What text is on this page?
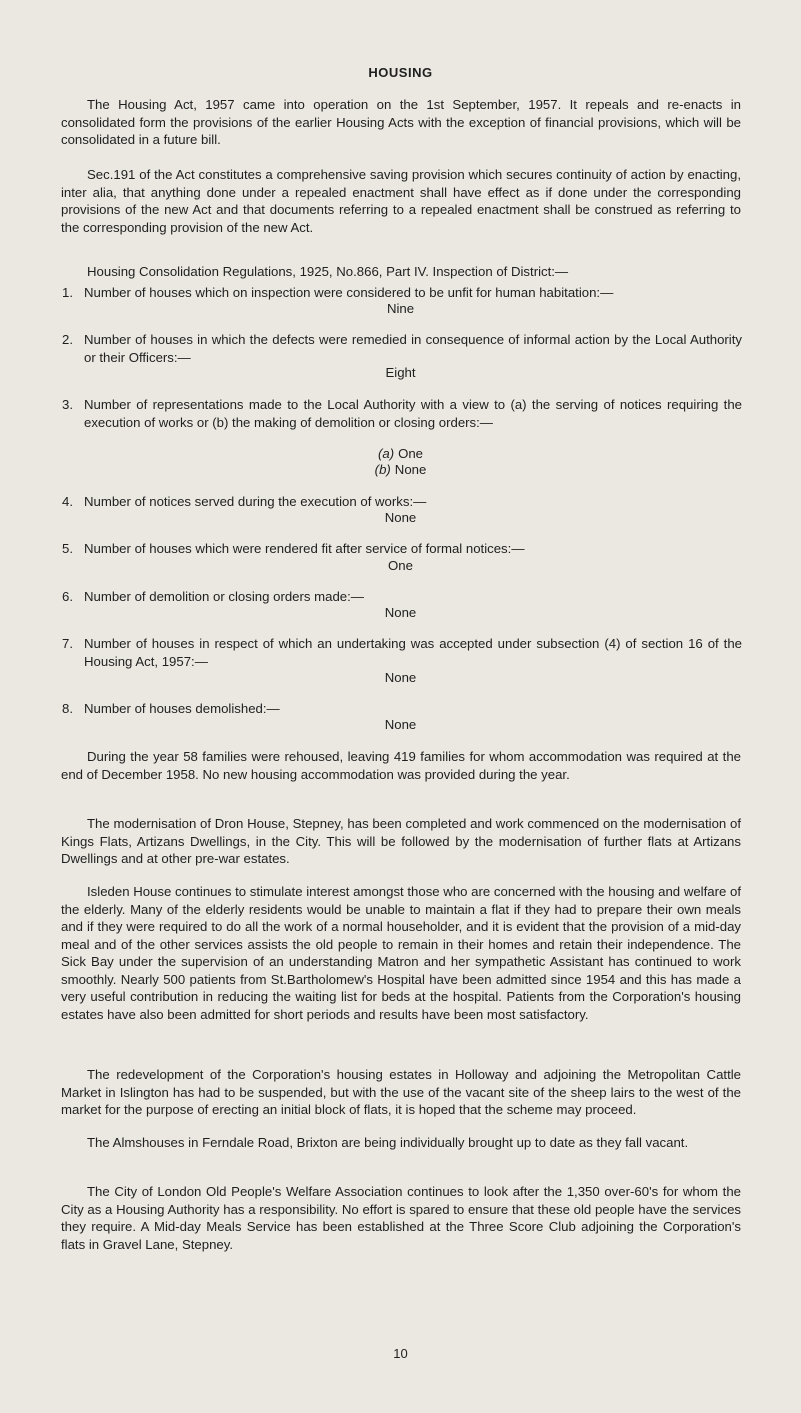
HOUSING

The Housing Act, 1957 came into operation on the 1st September, 1957. It repeals and re-enacts in consolidated form the provisions of the earlier Housing Acts with the exception of financial provisions, which will be consolidated in a future bill.

Sec.191 of the Act constitutes a comprehensive saving provision which secures continuity of action by enacting, inter alia, that anything done under a repealed enactment shall have effect as if done under the corresponding provisions of the new Act and that documents referring to a repealed enactment shall be construed as referring to the corresponding provision of the new Act.

Housing Consolidation Regulations, 1925, No.866, Part IV. Inspection of District:—

1. Number of houses which on inspection were considered to be unfit for human habitation:—
Nine
2. Number of houses in which the defects were remedied in consequence of informal action by the Local Authority or their Officers:—
Eight
3. Number of representations made to the Local Authority with a view to (a) the serving of notices requiring the execution of works or (b) the making of demolition or closing orders:—
(a) One
(b) None
4. Number of notices served during the execution of works:—
None
5. Number of houses which were rendered fit after service of formal notices:—
One
6. Number of demolition or closing orders made:—
None
7. Number of houses in respect of which an undertaking was accepted under subsection (4) of section 16 of the Housing Act, 1957:—
None
8. Number of houses demolished:—
None

During the year 58 families were rehoused, leaving 419 families for whom accommodation was required at the end of December 1958. No new housing accommodation was provided during the year.

The modernisation of Dron House, Stepney, has been completed and work commenced on the modernisation of Kings Flats, Artizans Dwellings, in the City. This will be followed by the modernisation of further flats at Artizans Dwellings and at other pre-war estates.

Isleden House continues to stimulate interest amongst those who are concerned with the housing and welfare of the elderly. Many of the elderly residents would be unable to maintain a flat if they had to prepare their own meals and if they were required to do all the work of a normal householder, and it is evident that the provision of a mid-day meal and of the other services assists the old people to remain in their homes and retain their independence. The Sick Bay under the supervision of an understanding Matron and her sympathetic Assistant has continued to work smoothly. Nearly 500 patients from St.Bartholomew's Hospital have been admitted since 1954 and this has made a very useful contribution in reducing the waiting list for beds at the hospital. Patients from the Corporation's housing estates have also been admitted for short periods and results have been most satisfactory.

The redevelopment of the Corporation's housing estates in Holloway and adjoining the Metropolitan Cattle Market in Islington has had to be suspended, but with the use of the vacant site of the sheep lairs to the west of the market for the purpose of erecting an initial block of flats, it is hoped that the scheme may proceed.

The Almshouses in Ferndale Road, Brixton are being individually brought up to date as they fall vacant.

The City of London Old People's Welfare Association continues to look after the 1,350 over-60's for whom the City as a Housing Authority has a responsibility. No effort is spared to ensure that these old people have the services they require. A Mid-day Meals Service has been established at the Three Score Club adjoining the Corporation's flats in Gravel Lane, Stepney.

10
